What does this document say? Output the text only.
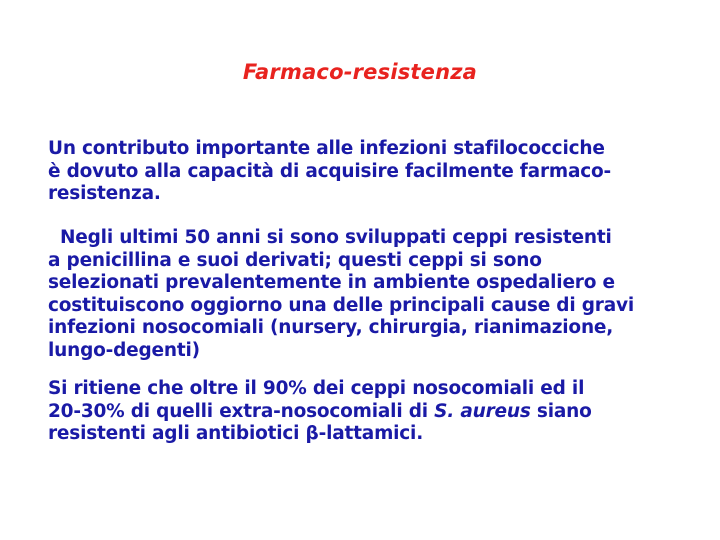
Farmaco-resistenza
Un contributo importante alle infezioni stafilococciche
è dovuto alla capacità di acquisire facilmente farmaco-
resistenza.
Negli ultimi 50 anni si sono sviluppati ceppi resistenti
a penicillina e suoi derivati; questi ceppi si sono
selezionati prevalentemente in ambiente ospedaliero e
costituiscono oggiorno una delle principali cause di gravi
infezioni nosocomiali (nursery, chirurgia, rianimazione,
lungo-degenti)
Si ritiene che oltre il 90% dei ceppi nosocomiali ed il
20-30% di quelli extra-nosocomiali di S. aureus siano
resistenti agli antibiotici β-lattamici.
